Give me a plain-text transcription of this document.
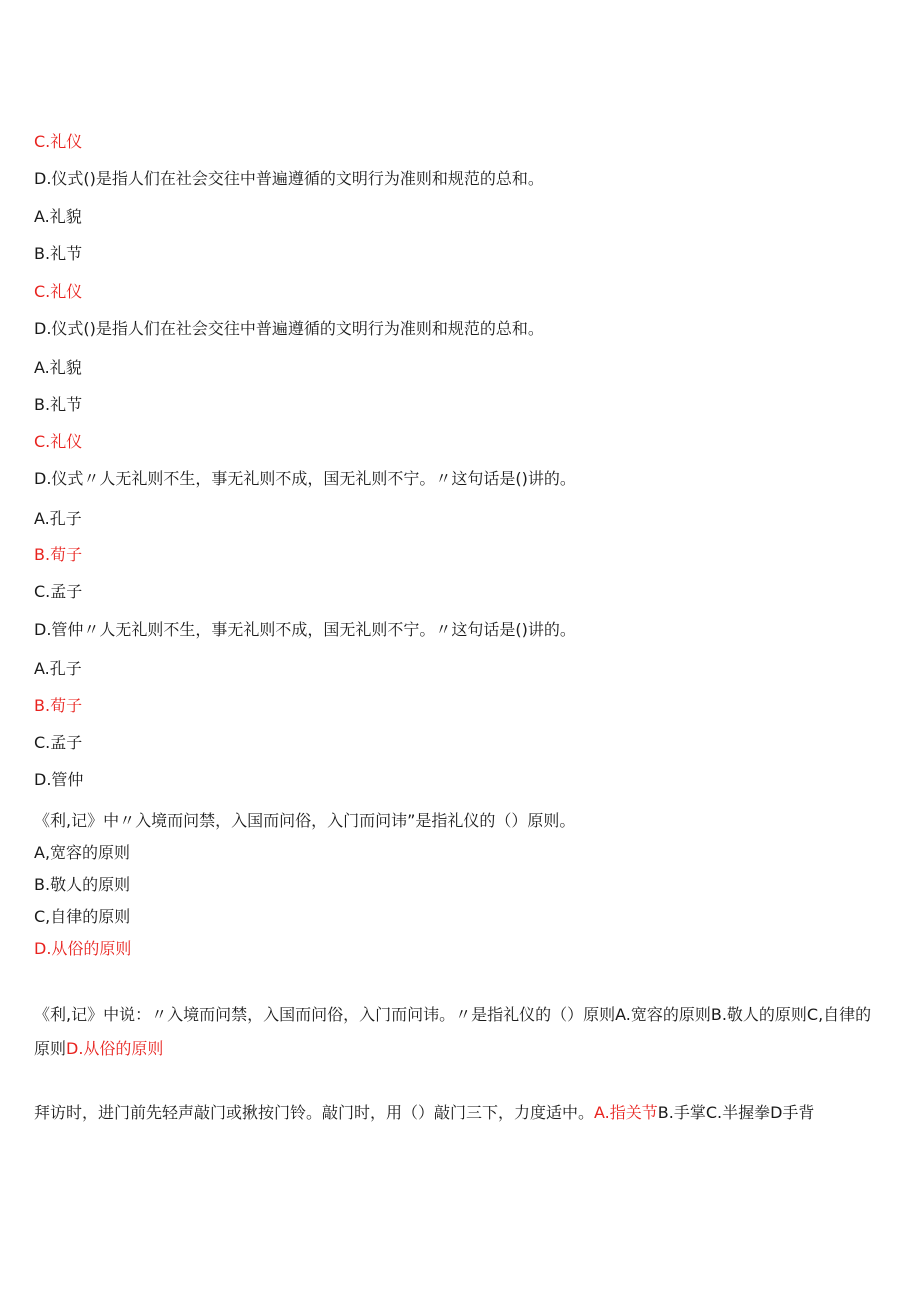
C.礼仪
D.仪式()是指人们在社会交往中普遍遵循的文明行为准则和规范的总和。
A.礼貌
B.礼节
C.礼仪
D.仪式()是指人们在社会交往中普遍遵循的文明行为准则和规范的总和。
A.礼貌
B.礼节
C.礼仪
D.仪式〃人无礼则不生，事无礼则不成，国无礼则不宁。〃这句话是()讲的。
A.孔子
B.荀子
C.孟子
D.管仲〃人无礼则不生，事无礼则不成，国无礼则不宁。〃这句话是()讲的。
A.孔子
B.荀子
C.孟子
D.管仲
《利,记》中〃入境而问禁，入国而问俗，入门而问讳”是指礼仪的（）原则。
A,宽容的原则
B.敬人的原则
C,自律的原则
D.从俗的原则
《利,记》中说：〃入境而问禁，入国而问俗，入门而问讳。〃是指礼仪的（）原则A.宽容的原则B.敬人的原则C,自律的原则D.从俗的原则
拜访时，进门前先轻声敲门或揪按门铃。敲门时，用（）敲门三下，力度适中。A.指关节B.手掌C.半握拳D手背
